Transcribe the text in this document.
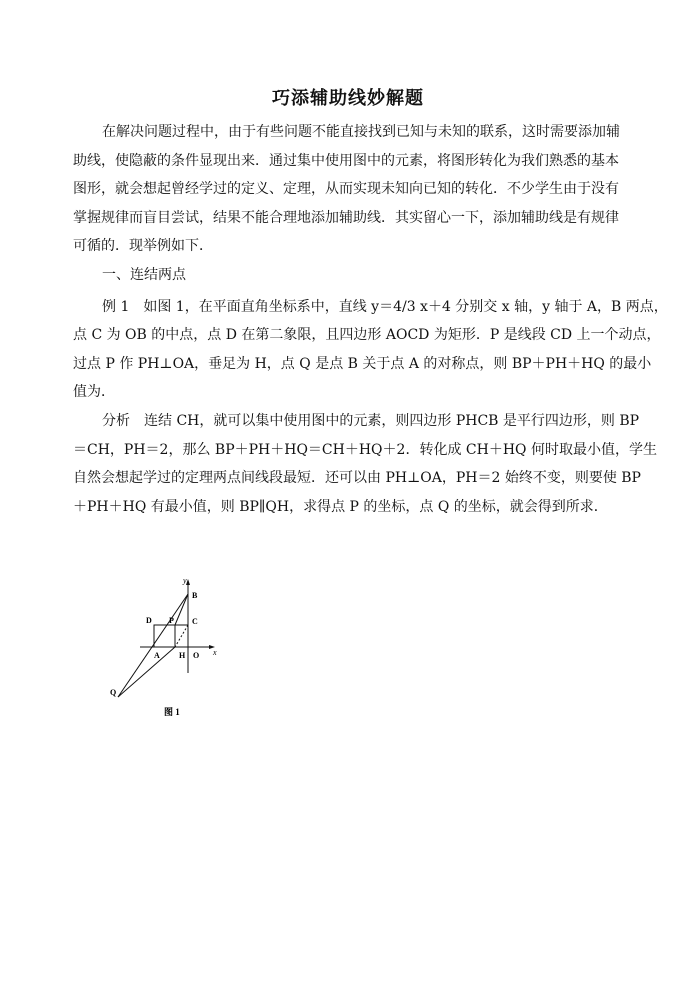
巧添辅助线妙解题

在解决问题过程中，由于有些问题不能直接找到已知与未知的联系，这时需要添加辅
助线，使隐蔽的条件显现出来．通过集中使用图中的元素，将图形转化为我们熟悉的基本
图形，就会想起曾经学过的定义、定理，从而实现未知向已知的转化．不少学生由于没有
掌握规律而盲目尝试，结果不能合理地添加辅助线．其实留心一下，添加辅助线是有规律
可循的．现举例如下．

一、连结两点

例 1　如图 1，在平面直角坐标系中，直线 y＝4/3 x＋4 分别交 x 轴，y 轴于 A，B 两点，
点 C 为 OB 的中点，点 D 在第二象限，且四边形 AOCD 为矩形．P 是线段 CD 上一个动点，
过点 P 作 PH⊥OA，垂足为 H，点 Q 是点 B 关于点 A 的对称点，则 BP＋PH＋HQ 的最小
值为．

分析　连结 CH，就可以集中使用图中的元素，则四边形 PHCB 是平行四边形，则 BP
＝CH，PH＝2，那么 BP＋PH＋HQ＝CH＋HQ＋2．转化成 CH＋HQ 何时取最小值，学生
自然会想起学过的定理两点间线段最短．还可以由 PH⊥OA，PH＝2 始终不变，则要使 BP
＋PH＋HQ 有最小值，则 BP∥QH，求得点 P 的坐标，点 Q 的坐标，就会得到所求．

y
x
B
C
D P
A H O
Q
图 1
